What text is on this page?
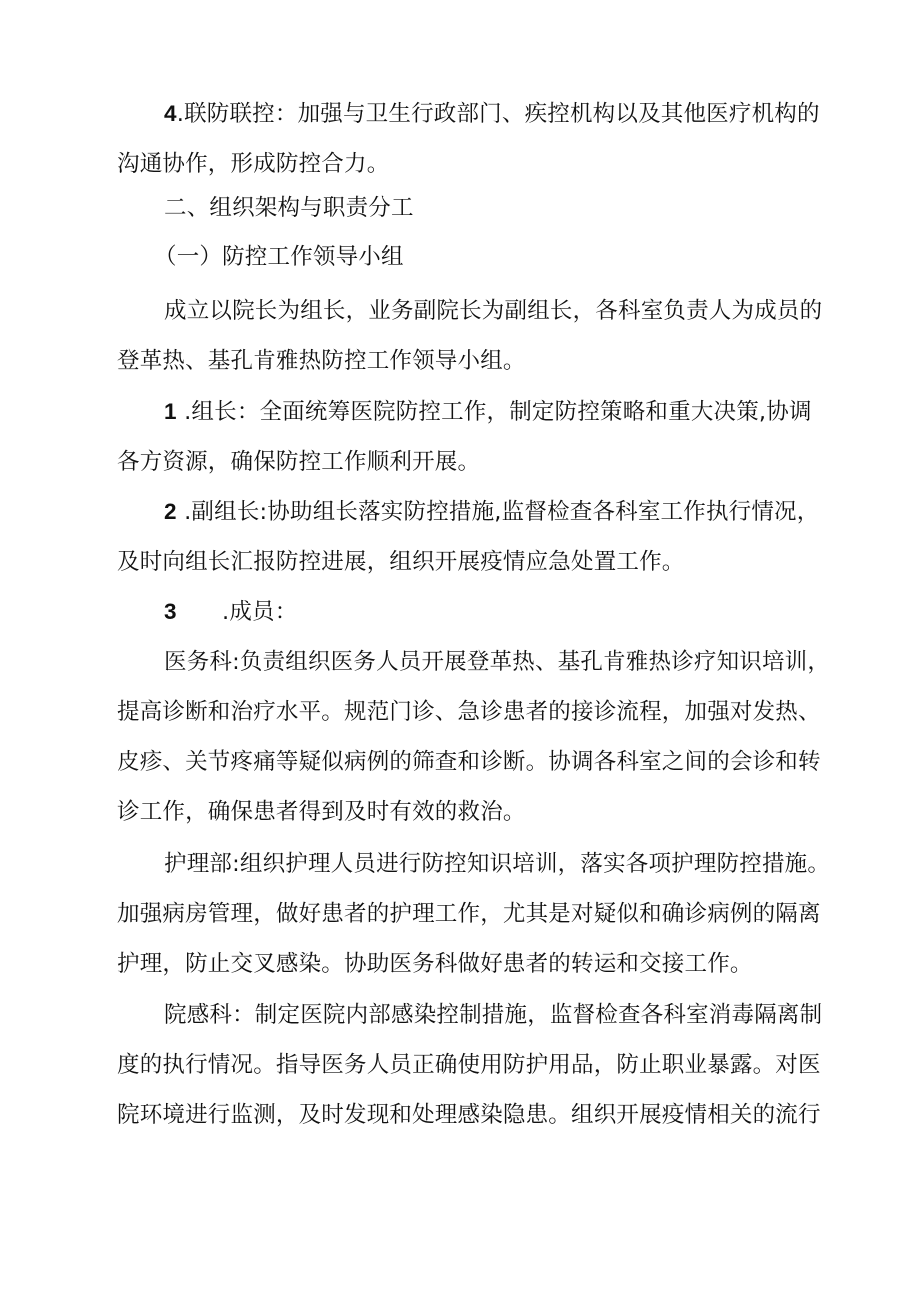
4.联防联控：加强与卫生行政部门、疾控机构以及其他医疗机构的
沟通协作，形成防控合力。
二、组织架构与职责分工
（一）防控工作领导小组
成立以院长为组长，业务副院长为副组长，各科室负责人为成员的
登革热、基孔肯雅热防控工作领导小组。
1 .组长：全面统筹医院防控工作，制定防控策略和重大决策,协调
各方资源，确保防控工作顺利开展。
2 .副组长:协助组长落实防控措施,监督检查各科室工作执行情况，
及时向组长汇报防控进展，组织开展疫情应急处置工作。
3 .成员：
医务科:负责组织医务人员开展登革热、基孔肯雅热诊疗知识培训，
提高诊断和治疗水平。规范门诊、急诊患者的接诊流程，加强对发热、
皮疹、关节疼痛等疑似病例的筛查和诊断。协调各科室之间的会诊和转
诊工作，确保患者得到及时有效的救治。
护理部:组织护理人员进行防控知识培训，落实各项护理防控措施。
加强病房管理，做好患者的护理工作，尤其是对疑似和确诊病例的隔离
护理，防止交叉感染。协助医务科做好患者的转运和交接工作。
院感科：制定医院内部感染控制措施，监督检查各科室消毒隔离制
度的执行情况。指导医务人员正确使用防护用品，防止职业暴露。对医
院环境进行监测，及时发现和处理感染隐患。组织开展疫情相关的流行
